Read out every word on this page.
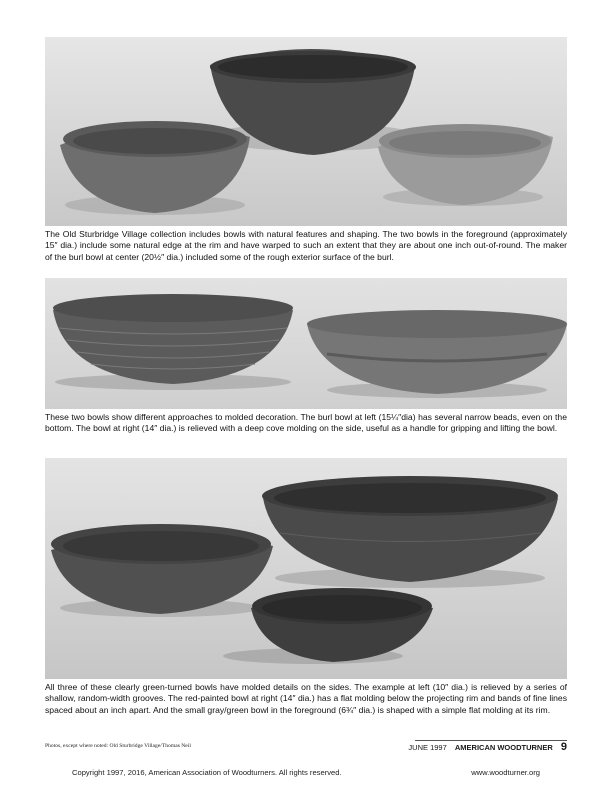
The Old Sturbridge Village collection includes bowls with natural features and shaping. The two bowls in the foreground (approximately 15″ dia.) include some natural edge at the rim and have warped to such an extent that they are about one inch out-of-round. The maker of the burl bowl at center (20½″ dia.) included some of the rough exterior surface of the burl.

These two bowls show different approaches to molded decoration. The burl bowl at left (15¼″dia) has several narrow beads, even on the bottom. The bowl at right (14″ dia.) is relieved with a deep cove molding on the side, useful as a handle for gripping and lifting the bowl.

All three of these clearly green-turned bowls have molded details on the sides. The example at left (10″ dia.) is relieved by a series of shallow, random-width grooves. The red-painted bowl at right (14″ dia.) has a flat molding below the projecting rim and bands of fine lines spaced about an inch apart. And the small gray/green bowl in the foreground (6¾″ dia.) is shaped with a simple flat molding at its rim.

Photos, except where noted: Old Sturbridge Village/Thomas Neil	JUNE 1997 AMERICAN WOODTURNER 9
Copyright 1997, 2016, American Association of Woodturners. All rights reserved.	www.woodturner.org
